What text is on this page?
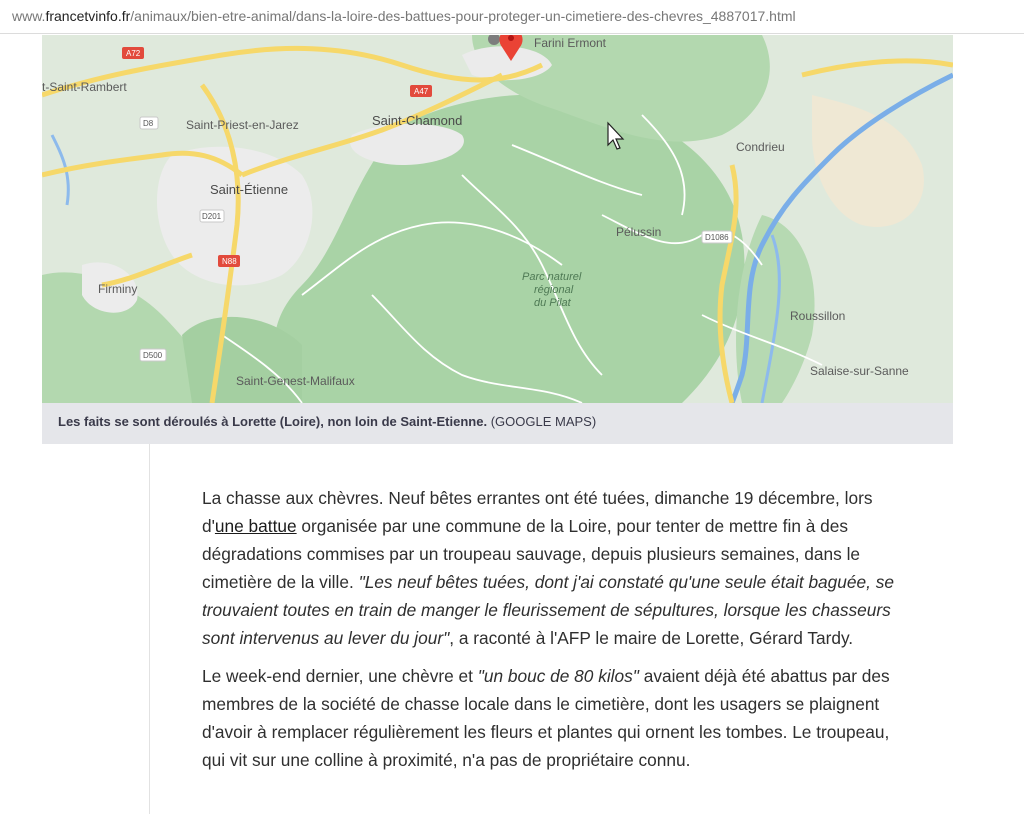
www.francetvinfo.fr/animaux/bien-etre-animal/dans-la-loire-des-battues-pour-proteger-un-cimetiere-des-chevres_4887017.html
A72
A47
D8
D201
N88
D500
D1086
t-Saint-Rambert
Saint-Priest-en-Jarez	Saint-Chamond
Saint-Étienne
Firminy
Pélussin
Parc naturel
régional
du Pilat
Condrieu
Roussillon
Salaise-sur-Sanne
Saint-Genest-Malifaux
Farini Ermont
Les faits se sont déroulés à Lorette (Loire), non loin de Saint-Etienne. (GOOGLE MAPS)

La chasse aux chèvres. Neuf bêtes errantes ont été tuées, dimanche 19 décembre, lors d'une battue organisée par une commune de la Loire, pour tenter de mettre fin à des dégradations commises par un troupeau sauvage, depuis plusieurs semaines, dans le cimetière de la ville. "Les neuf bêtes tuées, dont j'ai constaté qu'une seule était baguée, se trouvaient toutes en train de manger le fleurissement de sépultures, lorsque les chasseurs sont intervenus au lever du jour", a raconté à l'AFP le maire de Lorette, Gérard Tardy.

Le week-end dernier, une chèvre et "un bouc de 80 kilos" avaient déjà été abattus par des membres de la société de chasse locale dans le cimetière, dont les usagers se plaignent d'avoir à remplacer régulièrement les fleurs et plantes qui ornent les tombes. Le troupeau, qui vit sur une colline à proximité, n'a pas de propriétaire connu.
